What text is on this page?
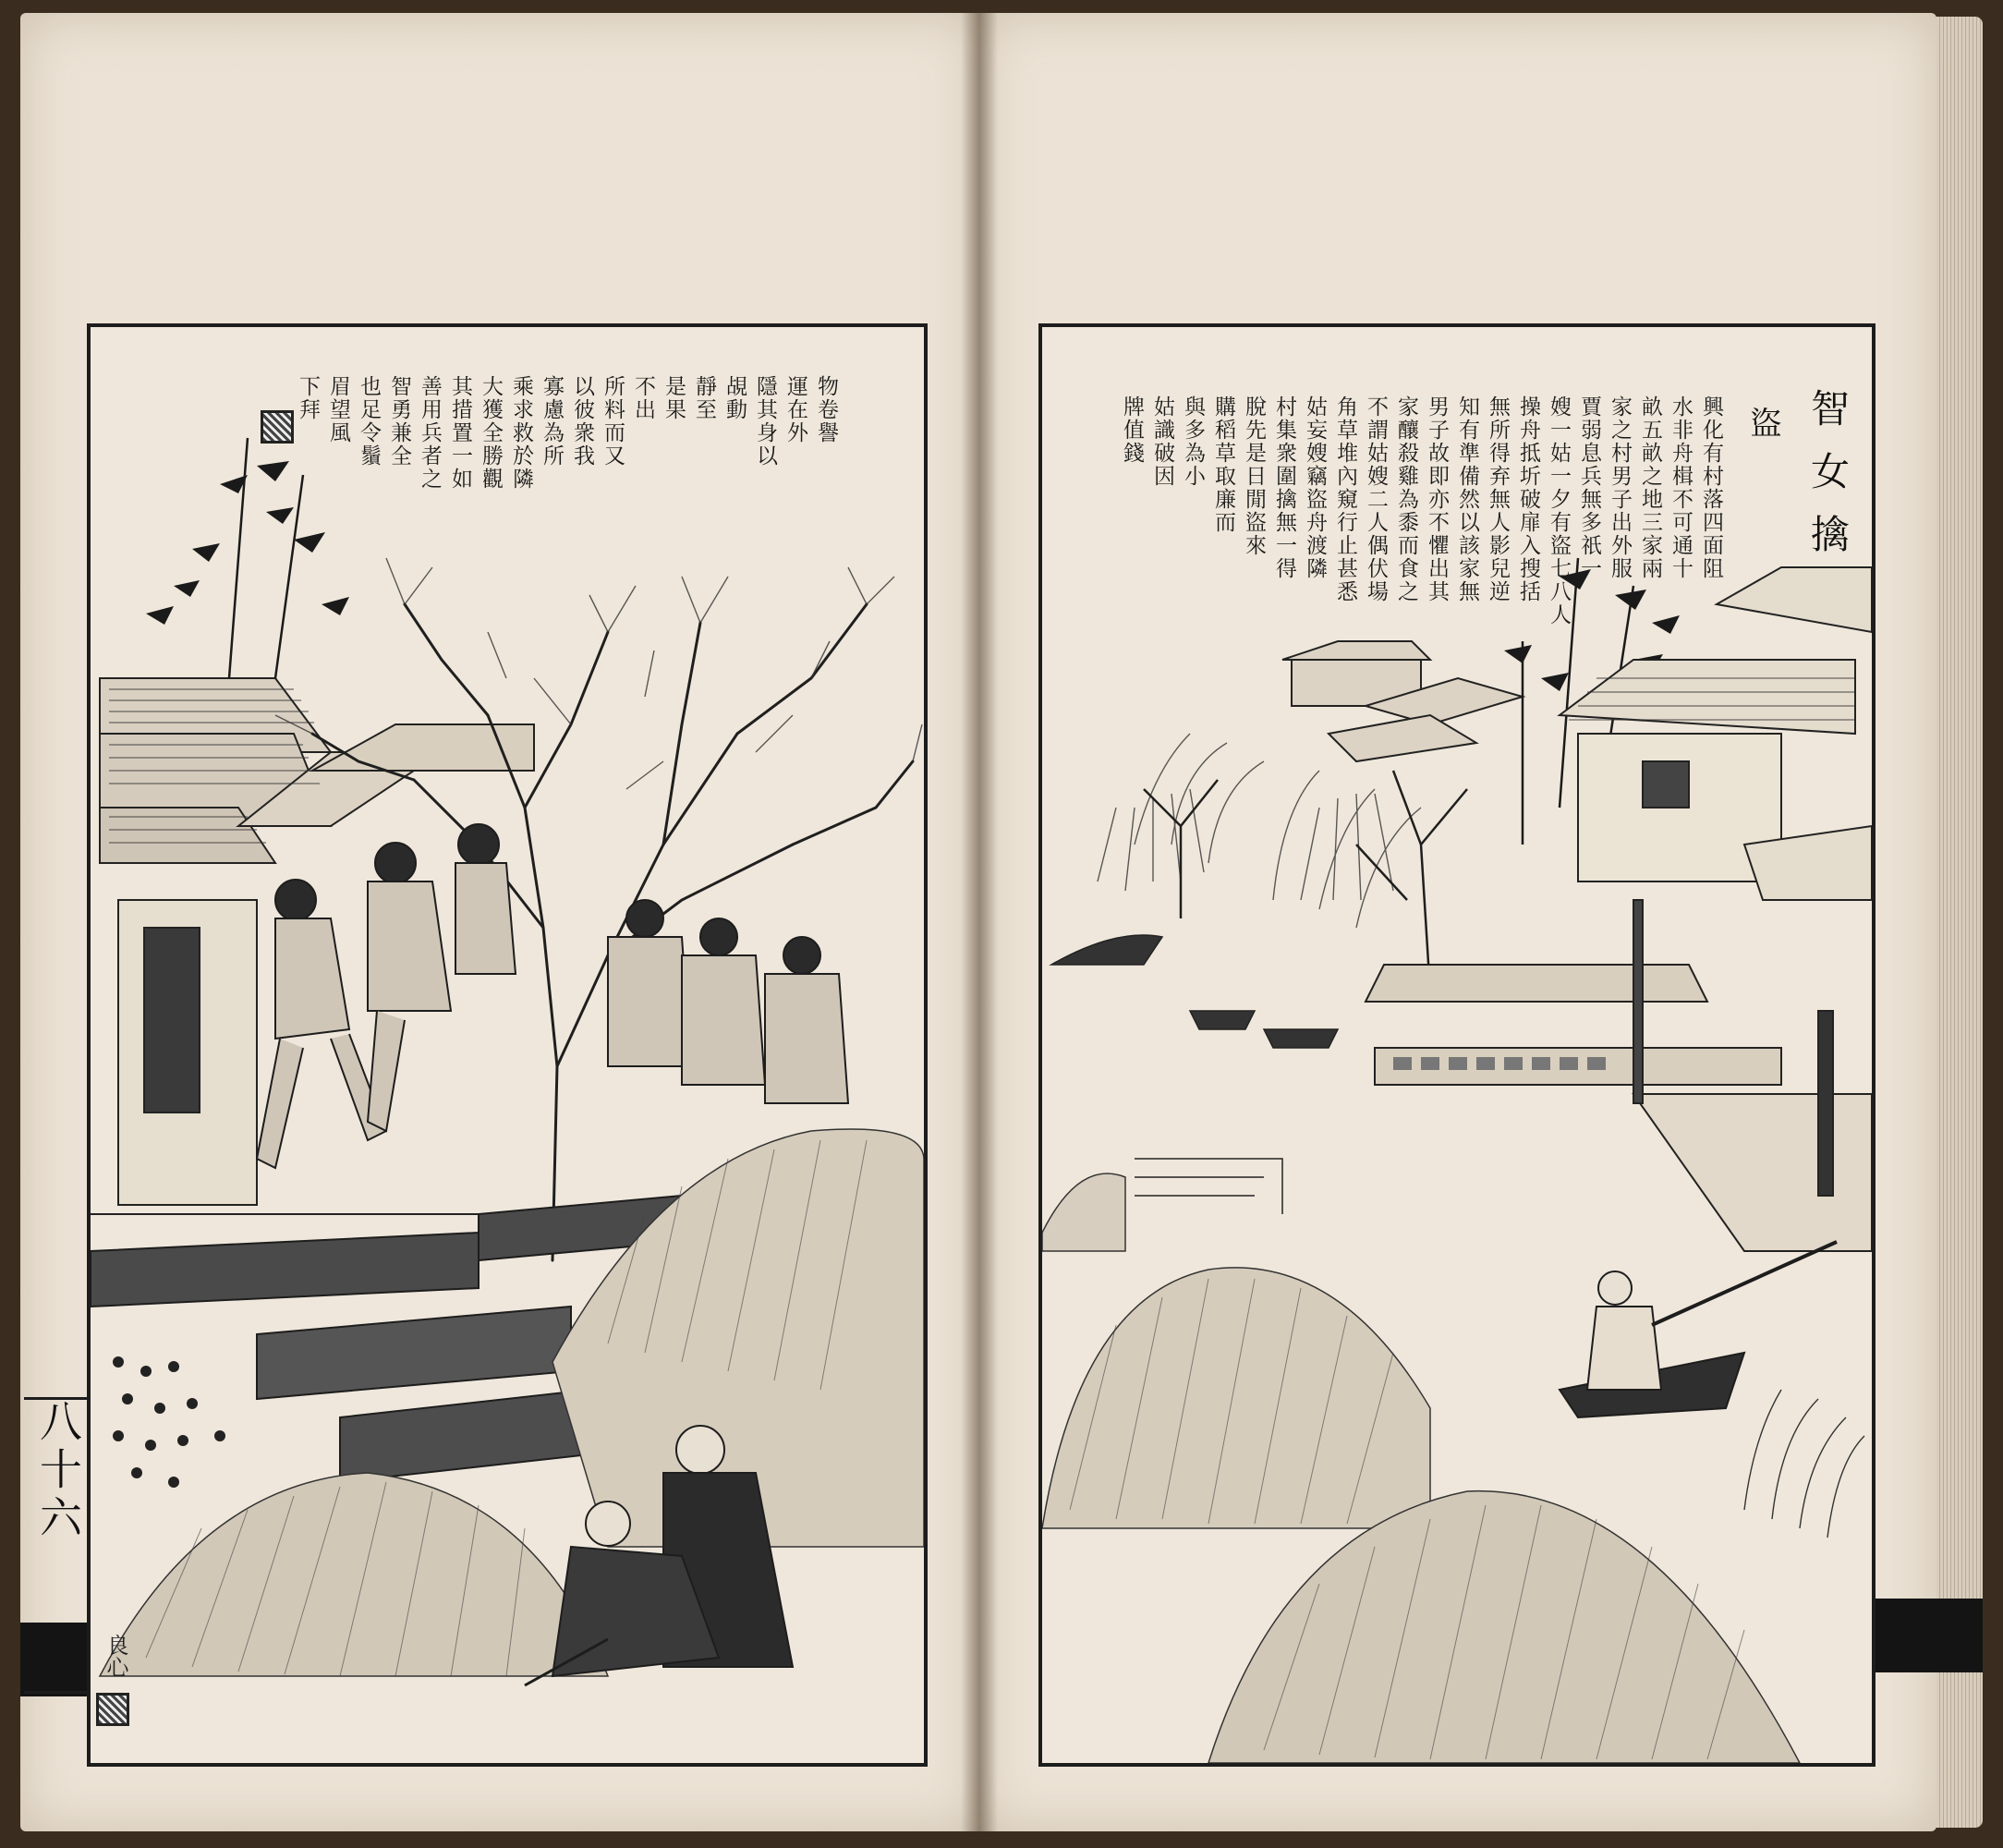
智女擒
盜
興化有村落四面阻
水非舟楫不可通十
畝五畝之地三家兩
家之村男子出外服
賈弱息兵無多祇一
嫂一姑一夕有盜七八人
操舟抵圻破扉入搜括
無所得弃無人影兒逆
知有準備然以該家無
男子故即亦不懼出其
家釀殺雞為黍而食之
不謂姑嫂二人偶伏場
角草堆內窺行止甚悉
姑妄嫂竊盜舟渡隣
村集衆圍擒無一得
脫先是日閒盜來
購稻草取廉而
與多為小
姑識破因
牌值錢
物卷譽
運在外
隱其身以
覘動
靜至
是果
不出
所料而又
以彼衆我
寡慮為所
乘求救於隣
大獲全勝觀
其措置一如
善用兵者之
智勇兼全
也足令鬚
眉望風
下拜
八十六
良心
